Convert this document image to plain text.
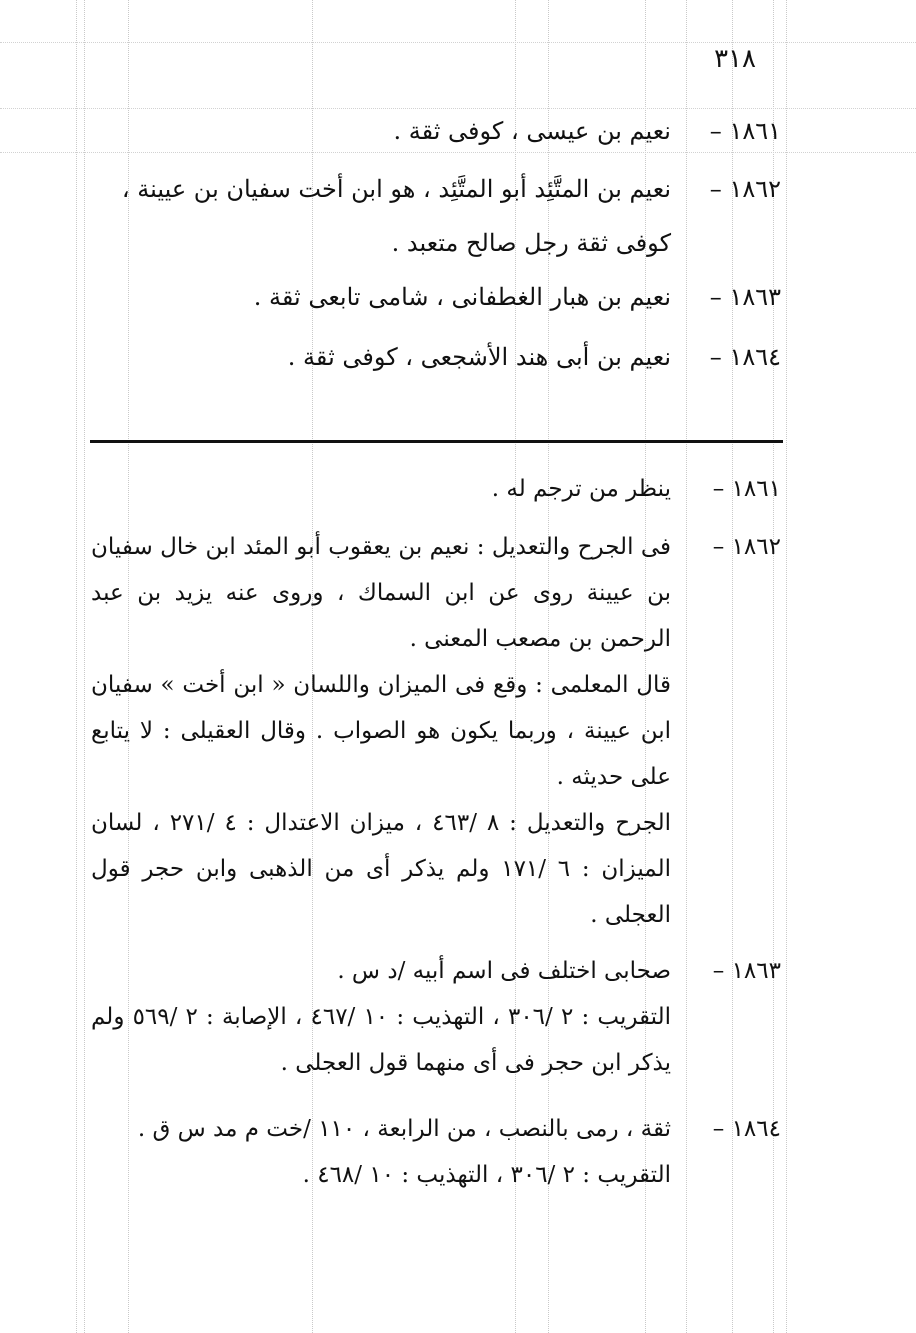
٣١٨
١٨٦١ –

نعيم بن عيسى ، كوفى ثقة .

١٨٦٢ –

نعيم بن المتَّئِد أبو المتَّئِد ، هو ابن أخت سفيان بن عيينة ،

كوفى ثقة رجل صالح متعبد .

١٨٦٣ –

نعيم بن هبار الغطفانى ، شامى تابعى ثقة .

١٨٦٤ –

نعيم بن أبى هند الأشجعى ، كوفى ثقة .

١٨٦١ –

ينظر من ترجم له .

١٨٦٢ –

فى الجرح والتعديل : نعيم بن يعقوب أبو المئد ابن خال سفيان بن عيينة روى عن ابن السماك ، وروى عنه يزيد بن عبد الرحمن بن مصعب المعنى .

قال المعلمى : وقع فى الميزان واللسان « ابن أخت » سفيان ابن عيينة ، وربما يكون هو الصواب . وقال العقيلى : لا يتابع على حديثه .

الجرح والتعديل : ٨ /٤٦٣ ، ميزان الاعتدال : ٤ /٢٧١ ، لسان الميزان : ٦ /١٧١ ولم يذكر أى من الذهبى وابن حجر قول العجلى .

١٨٦٣ –

صحابى اختلف فى اسم أبيه /د س .

التقريب : ٢ /٣٠٦ ، التهذيب : ١٠ /٤٦٧ ، الإصابة : ٢ /٥٦٩ ولم يذكر ابن حجر فى أى منهما قول العجلى .

١٨٦٤ –

ثقة ، رمى بالنصب ، من الرابعة ، ١١٠ /خت م مد س ق .

التقريب : ٢ /٣٠٦ ، التهذيب : ١٠ /٤٦٨ .
